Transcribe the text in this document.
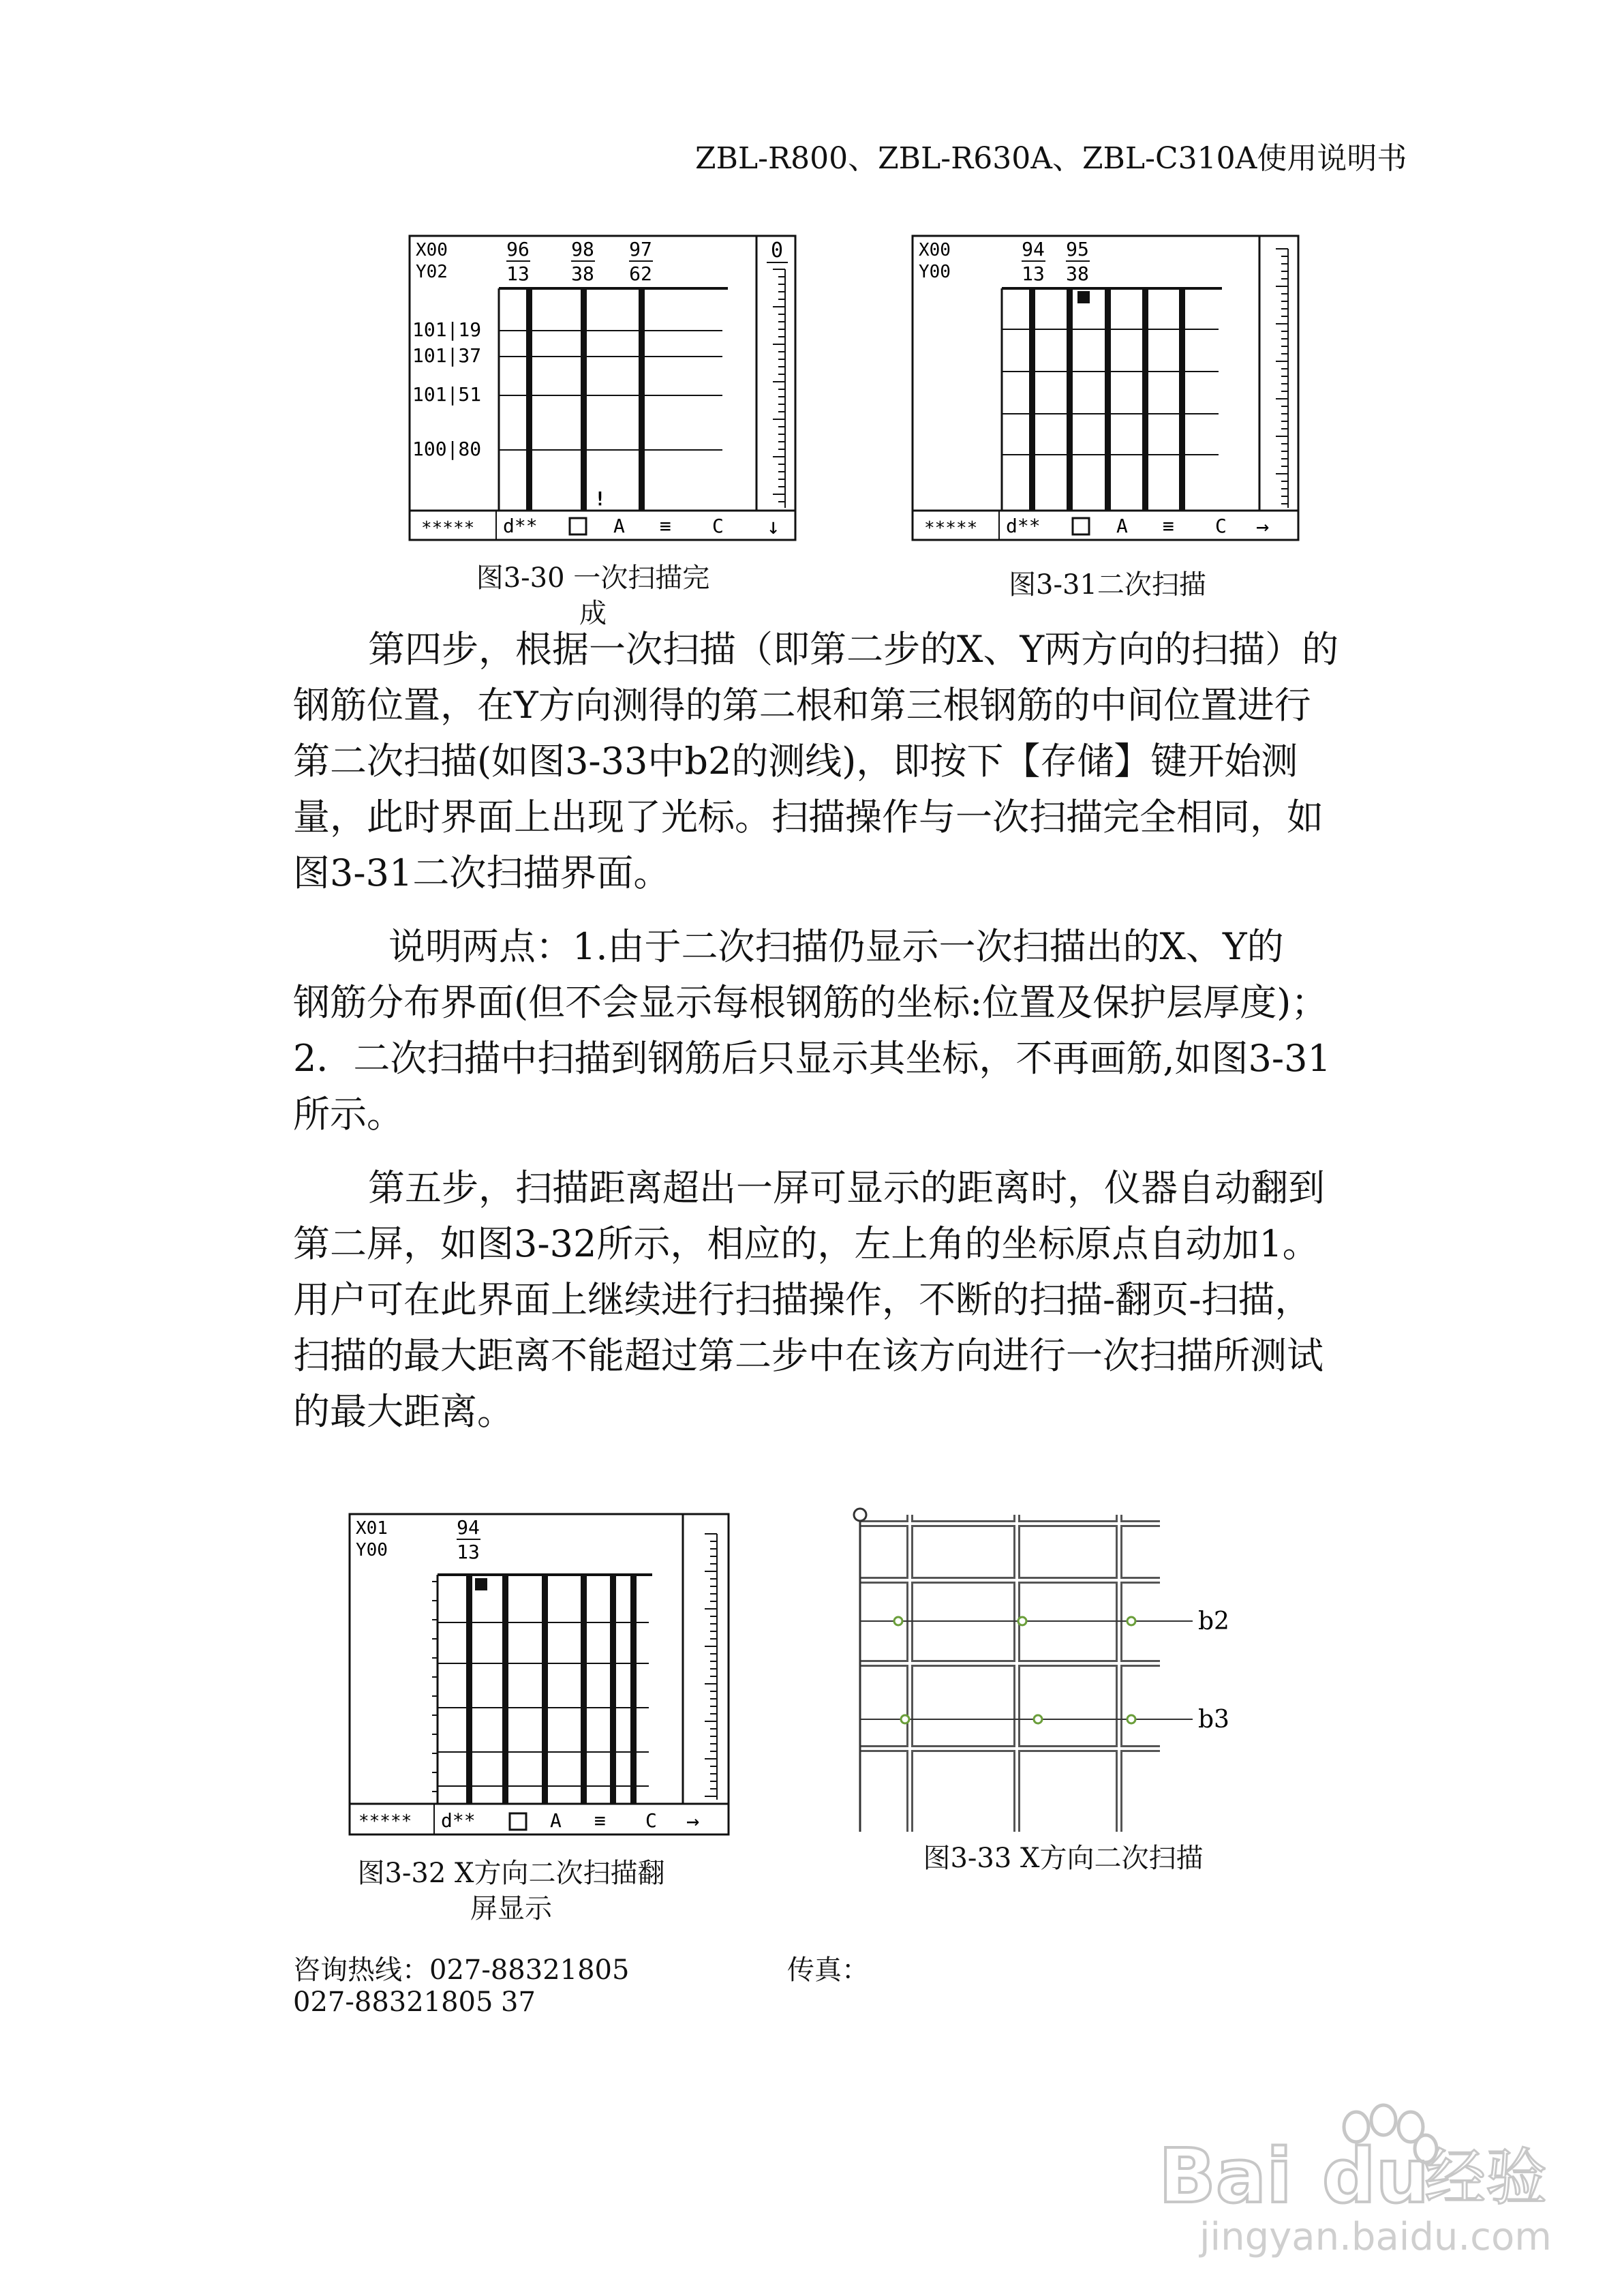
ZBL-R800、ZBL-R630A、ZBL-C310A使用说明书
X00
Y02
96
13
98
38
97
62
101|19
101|37
101|51
100|80
!
0
***** d**	A ≡ C ↓
图3-30 一次扫描完
成
X00
Y00
94
13
95
38
***** d**	A ≡ C →
图3-31二次扫描
第四步，根据一次扫描（即第二步的X、Y两方向的扫描）的
钢筋位置，在Y方向测得的第二根和第三根钢筋的中间位置进行
第二次扫描(如图3-33中b2的测线)，即按下【存储】键开始测
量，此时界面上出现了光标。扫描操作与一次扫描完全相同，如
图3-31二次扫描界面。
说明两点：1.由于二次扫描仍显示一次扫描出的X、Y的
钢筋分布界面(但不会显示每根钢筋的坐标:位置及保护层厚度)；
2．二次扫描中扫描到钢筋后只显示其坐标，不再画筋,如图3-31
所示。
第五步，扫描距离超出一屏可显示的距离时，仪器自动翻到
第二屏，如图3-32所示，相应的，左上角的坐标原点自动加1。
用户可在此界面上继续进行扫描操作，不断的扫描-翻页-扫描，
扫描的最大距离不能超过第二步中在该方向进行一次扫描所测试
的最大距离。
X01
Y00
94
13
***** d**	A ≡ C →
图3-32 X方向二次扫描翻
屏显示
b2
b3
图3-33 X方向二次扫描
咨询热线：027-88321805	传真：
027-88321805 37
Bai du
经验
jingyan.baidu.com
